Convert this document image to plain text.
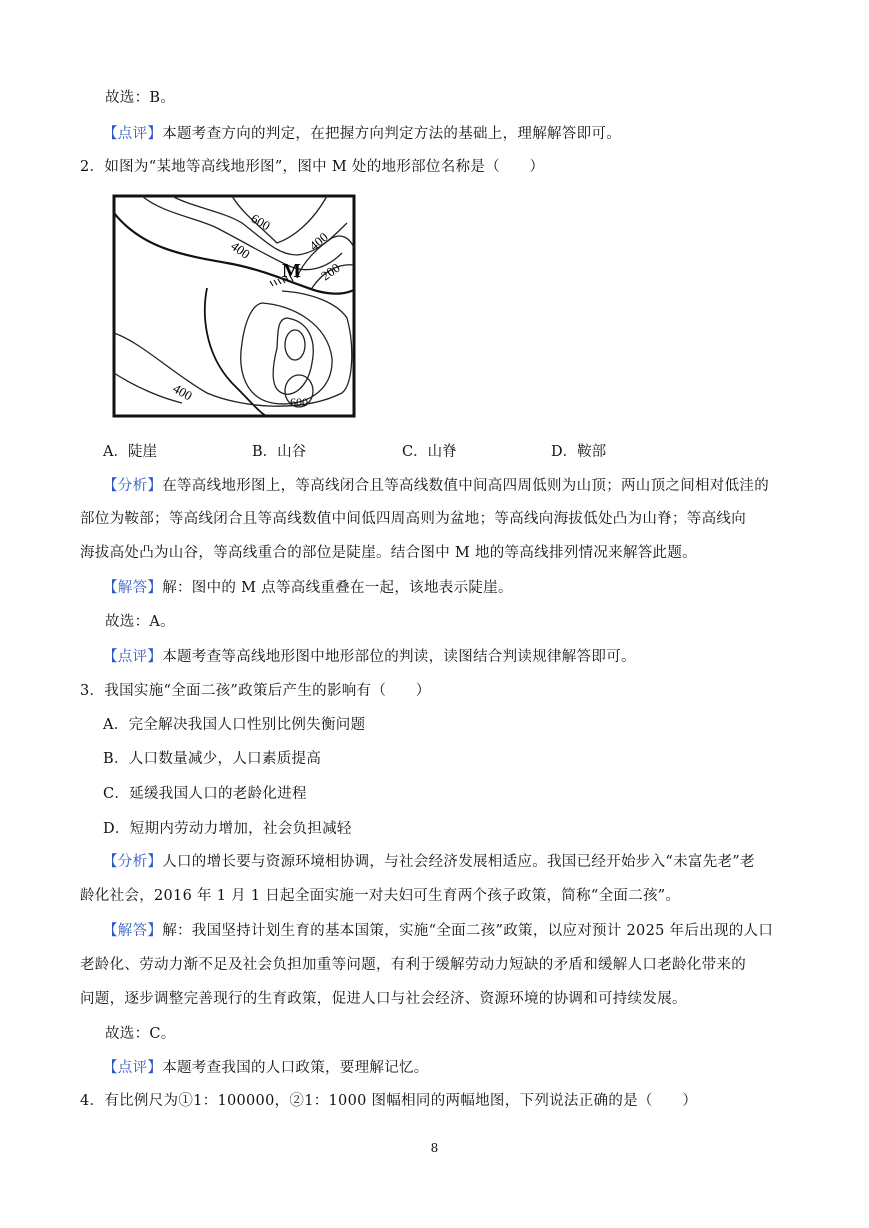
故选：B。
【点评】本题考查方向的判定，在把握方向判定方法的基础上，理解解答即可。
2．如图为“某地等高线地形图”，图中 M 处的地形部位名称是（　　）
600
400	400
M 200
400	600
A．陡崖	B．山谷	C．山脊	D．鞍部
【分析】在等高线地形图上，等高线闭合且等高线数值中间高四周低则为山顶；两山顶之间相对低洼的
部位为鞍部；等高线闭合且等高线数值中间低四周高则为盆地；等高线向海拔低处凸为山脊；等高线向
海拔高处凸为山谷，等高线重合的部位是陡崖。结合图中 M 地的等高线排列情况来解答此题。
【解答】解：图中的 M 点等高线重叠在一起，该地表示陡崖。
故选：A。
【点评】本题考查等高线地形图中地形部位的判读，读图结合判读规律解答即可。
3．我国实施“全面二孩”政策后产生的影响有（　　）
A．完全解决我国人口性别比例失衡问题
B．人口数量减少，人口素质提高
C．延缓我国人口的老龄化进程
D．短期内劳动力增加，社会负担减轻
【分析】人口的增长要与资源环境相协调，与社会经济发展相适应。我国已经开始步入“未富先老”老
龄化社会，2016 年 1 月 1 日起全面实施一对夫妇可生育两个孩子政策，简称“全面二孩”。
【解答】解：我国坚持计划生育的基本国策，实施“全面二孩”政策，以应对预计 2025 年后出现的人口
老龄化、劳动力渐不足及社会负担加重等问题，有利于缓解劳动力短缺的矛盾和缓解人口老龄化带来的
问题，逐步调整完善现行的生育政策，促进人口与社会经济、资源环境的协调和可持续发展。
故选：C。
【点评】本题考查我国的人口政策，要理解记忆。
4．有比例尺为①1：100000，②1：1000 图幅相同的两幅地图，下列说法正确的是（　　）
8
